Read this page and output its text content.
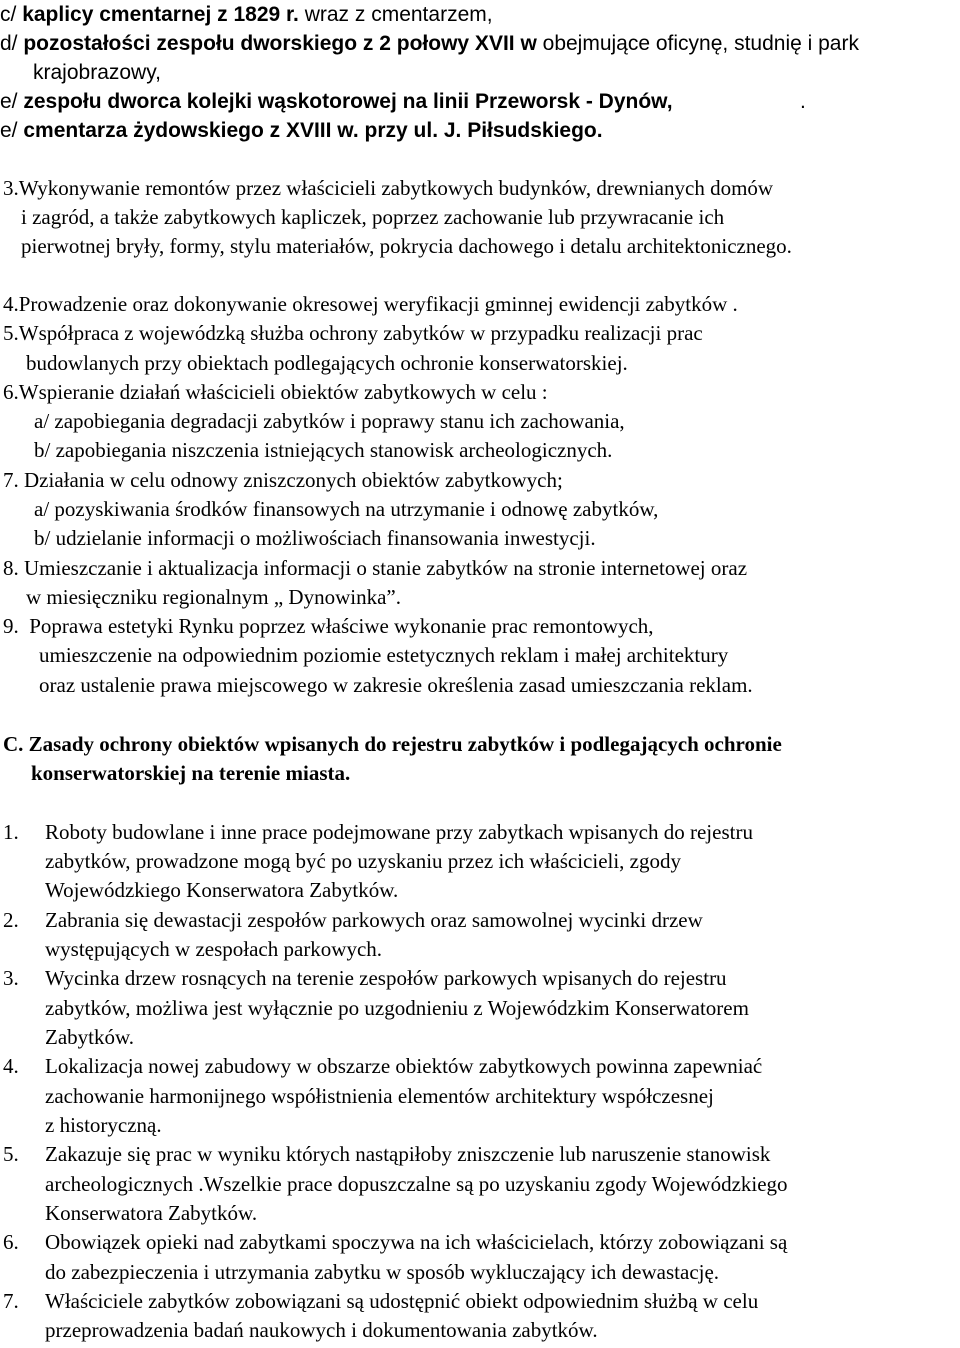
c/ kaplicy cmentarnej z 1829 r. wraz z cmentarzem,
d/ pozostałości zespołu dworskiego z 2 połowy XVII w obejmujące oficynę, studnię i park
krajobrazowy,
e/ zespołu dworca kolejki wąskotorowej na linii Przeworsk - Dynów,	.
e/ cmentarza żydowskiego z XVIII w. przy ul. J. Piłsudskiego.
3.Wykonywanie remontów przez właścicieli zabytkowych budynków, drewnianych domów
i zagród, a także zabytkowych kapliczek, poprzez zachowanie lub przywracanie ich
pierwotnej bryły, formy, stylu materiałów, pokrycia dachowego i detalu architektonicznego.
4.Prowadzenie oraz dokonywanie okresowej weryfikacji gminnej ewidencji zabytków .
5.Współpraca z wojewódzką służba ochrony zabytków w przypadku realizacji prac
budowlanych przy obiektach podlegających ochronie konserwatorskiej.
6.Wspieranie działań właścicieli obiektów zabytkowych w celu :
a/ zapobiegania degradacji zabytków i poprawy stanu ich zachowania,
b/ zapobiegania niszczenia istniejących stanowisk archeologicznych.
7. Działania w celu odnowy zniszczonych obiektów zabytkowych;
a/ pozyskiwania środków finansowych na utrzymanie i odnowę zabytków,
b/ udzielanie informacji o możliwościach finansowania inwestycji.
8. Umieszczanie i aktualizacja informacji o stanie zabytków na stronie internetowej oraz
w miesięczniku regionalnym „ Dynowinka”.
9. Poprawa estetyki Rynku poprzez właściwe wykonanie prac remontowych,
umieszczenie na odpowiednim poziomie estetycznych reklam i małej architektury
oraz ustalenie prawa miejscowego w zakresie określenia zasad umieszczania reklam.
C. Zasady ochrony obiektów wpisanych do rejestru zabytków i podlegających ochronie
konserwatorskiej na terenie miasta.
1. Roboty budowlane i inne prace podejmowane przy zabytkach wpisanych do rejestru
zabytków, prowadzone mogą być po uzyskaniu przez ich właścicieli, zgody
Wojewódzkiego Konserwatora Zabytków.
2. Zabrania się dewastacji zespołów parkowych oraz samowolnej wycinki drzew
występujących w zespołach parkowych.
3. Wycinka drzew rosnących na terenie zespołów parkowych wpisanych do rejestru
zabytków, możliwa jest wyłącznie po uzgodnieniu z Wojewódzkim Konserwatorem
Zabytków.
4. Lokalizacja nowej zabudowy w obszarze obiektów zabytkowych powinna zapewniać
zachowanie harmonijnego współistnienia elementów architektury współczesnej
z historyczną.
5. Zakazuje się prac w wyniku których nastąpiłoby zniszczenie lub naruszenie stanowisk
archeologicznych .Wszelkie prace dopuszczalne są po uzyskaniu zgody Wojewódzkiego
Konserwatora Zabytków.
6. Obowiązek opieki nad zabytkami spoczywa na ich właścicielach, którzy zobowiązani są
do zabezpieczenia i utrzymania zabytku w sposób wykluczający ich dewastację.
7. Właściciele zabytków zobowiązani są udostępnić obiekt odpowiednim służbą w celu
przeprowadzenia badań naukowych i dokumentowania zabytków.
